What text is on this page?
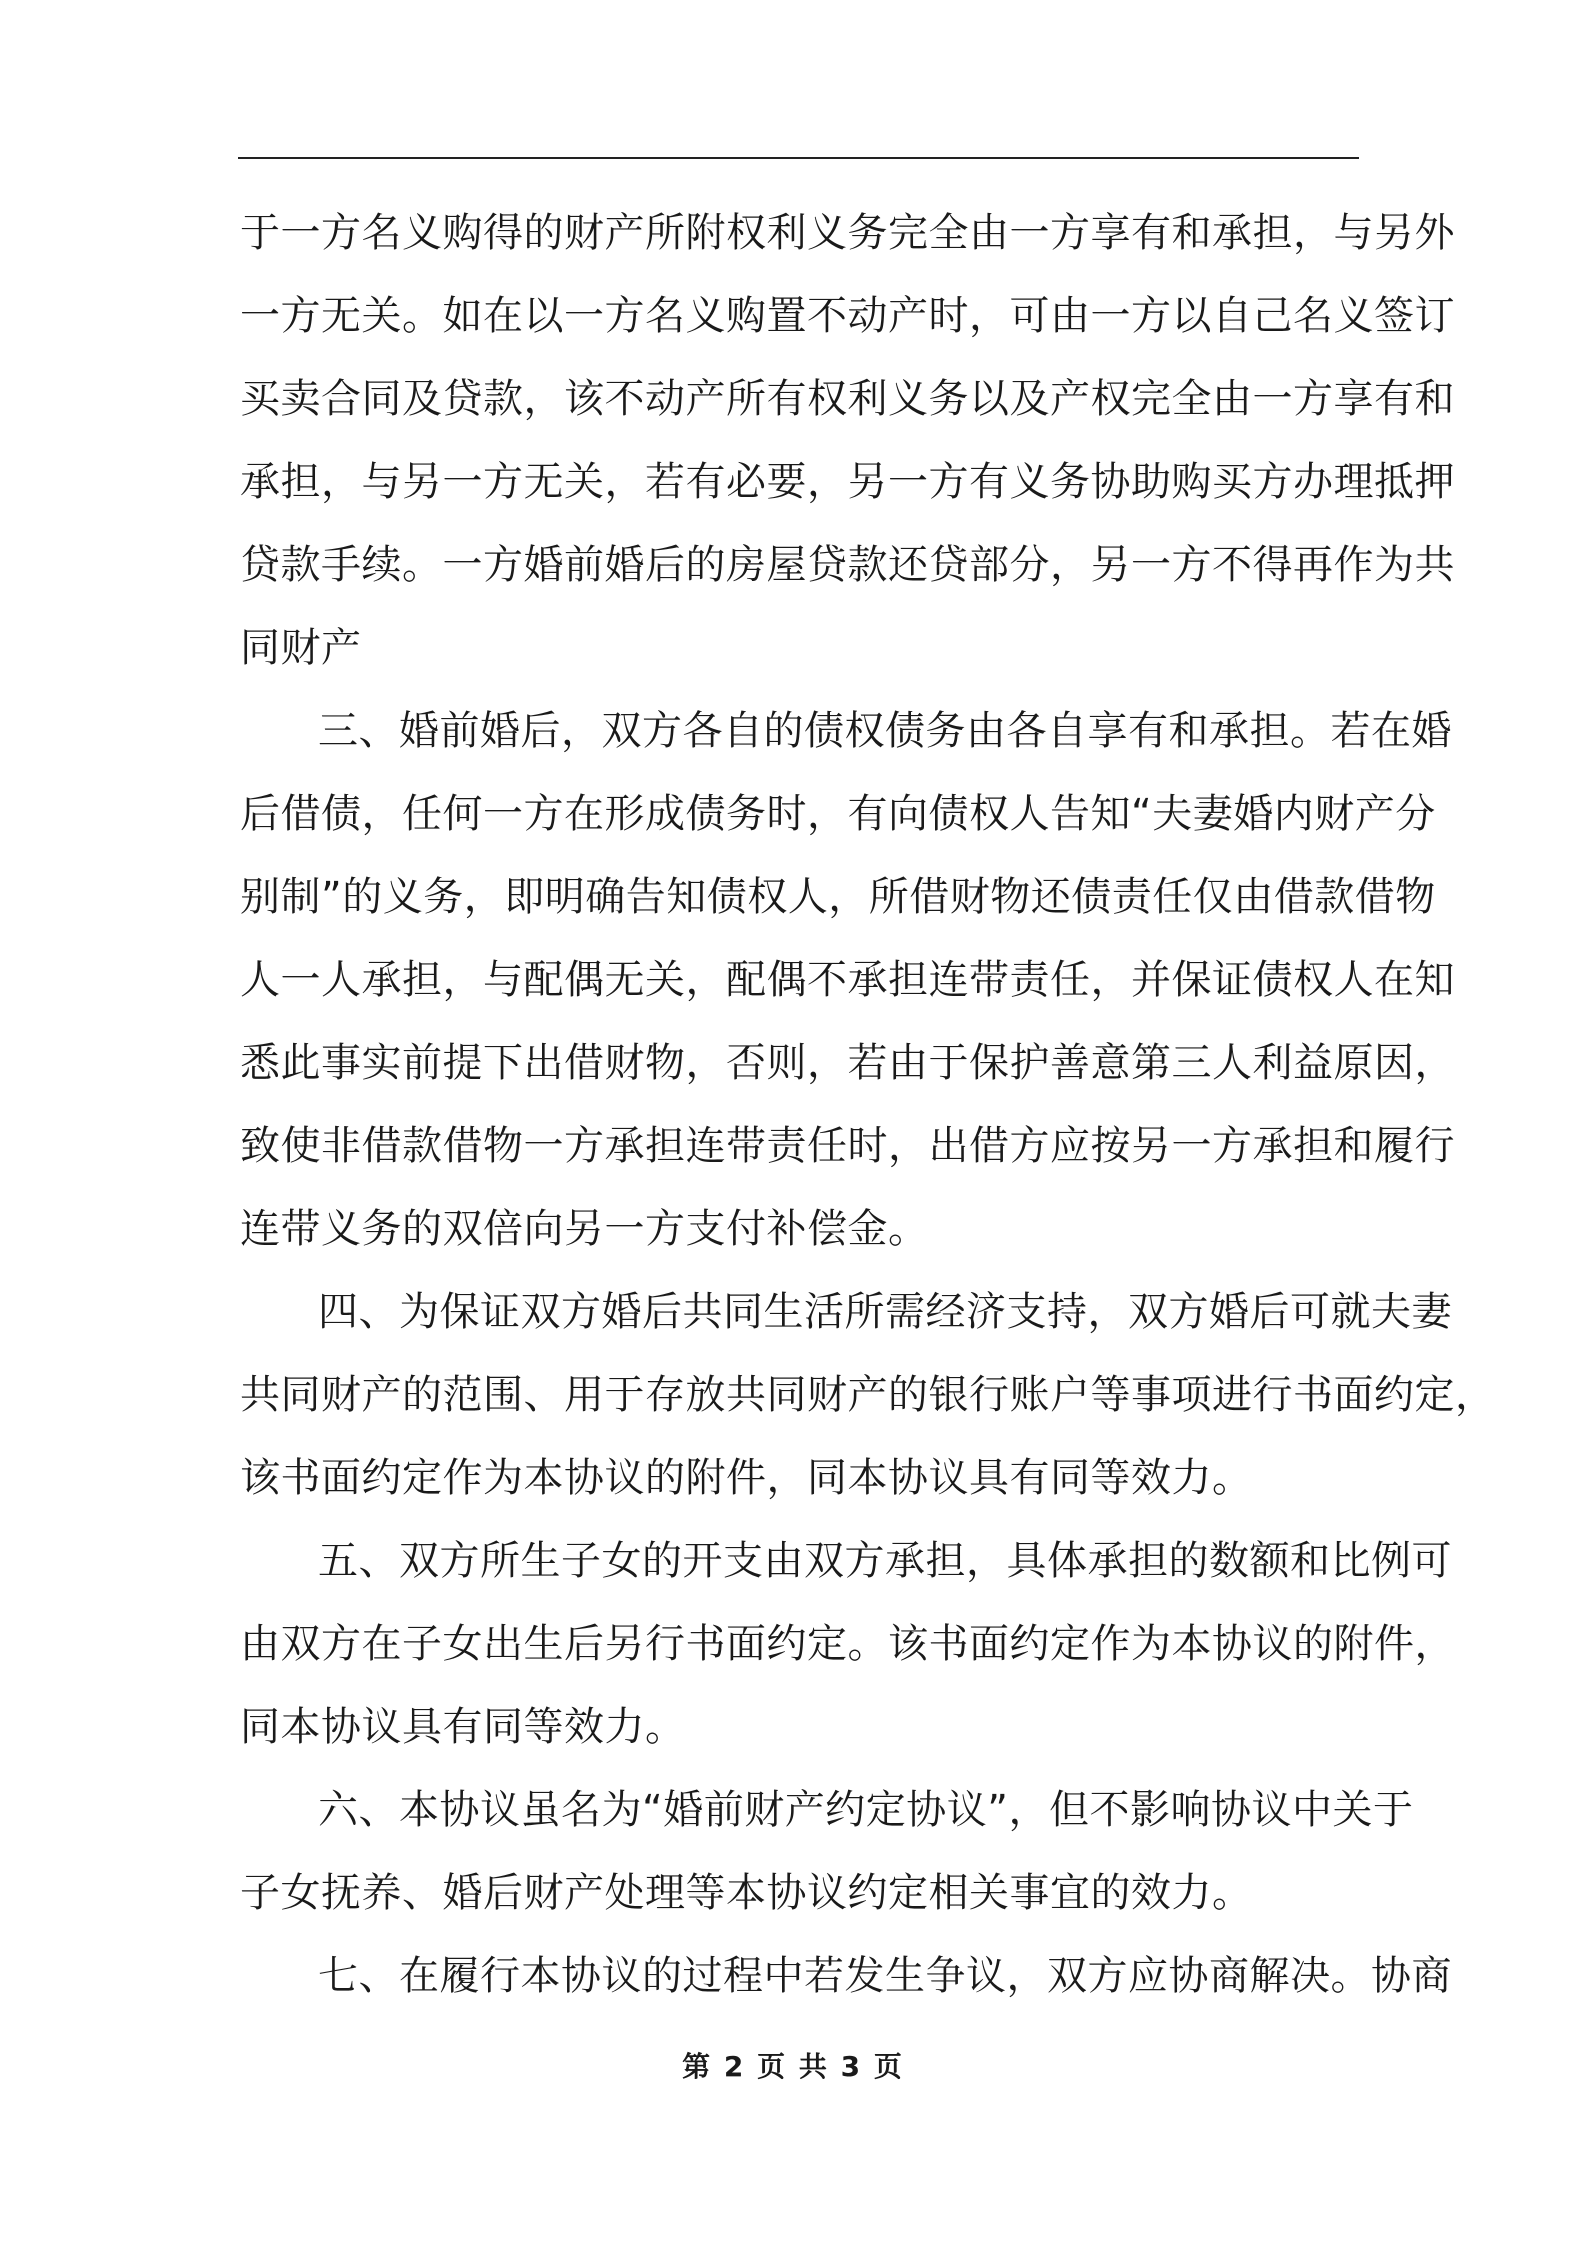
于一方名义购得的财产所附权利义务完全由一方享有和承担，与另外
一方无关。如在以一方名义购置不动产时，可由一方以自己名义签订
买卖合同及贷款，该不动产所有权利义务以及产权完全由一方享有和
承担，与另一方无关，若有必要，另一方有义务协助购买方办理抵押
贷款手续。一方婚前婚后的房屋贷款还贷部分，另一方不得再作为共
同财产
三、婚前婚后，双方各自的债权债务由各自享有和承担。若在婚
后借债，任何一方在形成债务时，有向债权人告知“夫妻婚内财产分
别制”的义务，即明确告知债权人，所借财物还债责任仅由借款借物
人一人承担，与配偶无关，配偶不承担连带责任，并保证债权人在知
悉此事实前提下出借财物，否则，若由于保护善意第三人利益原因，
致使非借款借物一方承担连带责任时，出借方应按另一方承担和履行
连带义务的双倍向另一方支付补偿金。
四、为保证双方婚后共同生活所需经济支持，双方婚后可就夫妻
共同财产的范围、用于存放共同财产的银行账户等事项进行书面约定，
该书面约定作为本协议的附件，同本协议具有同等效力。
五、双方所生子女的开支由双方承担，具体承担的数额和比例可
由双方在子女出生后另行书面约定。该书面约定作为本协议的附件，
同本协议具有同等效力。
六、本协议虽名为“婚前财产约定协议”，但不影响协议中关于
子女抚养、婚后财产处理等本协议约定相关事宜的效力。
七、在履行本协议的过程中若发生争议，双方应协商解决。协商
第 2 页 共 3 页
